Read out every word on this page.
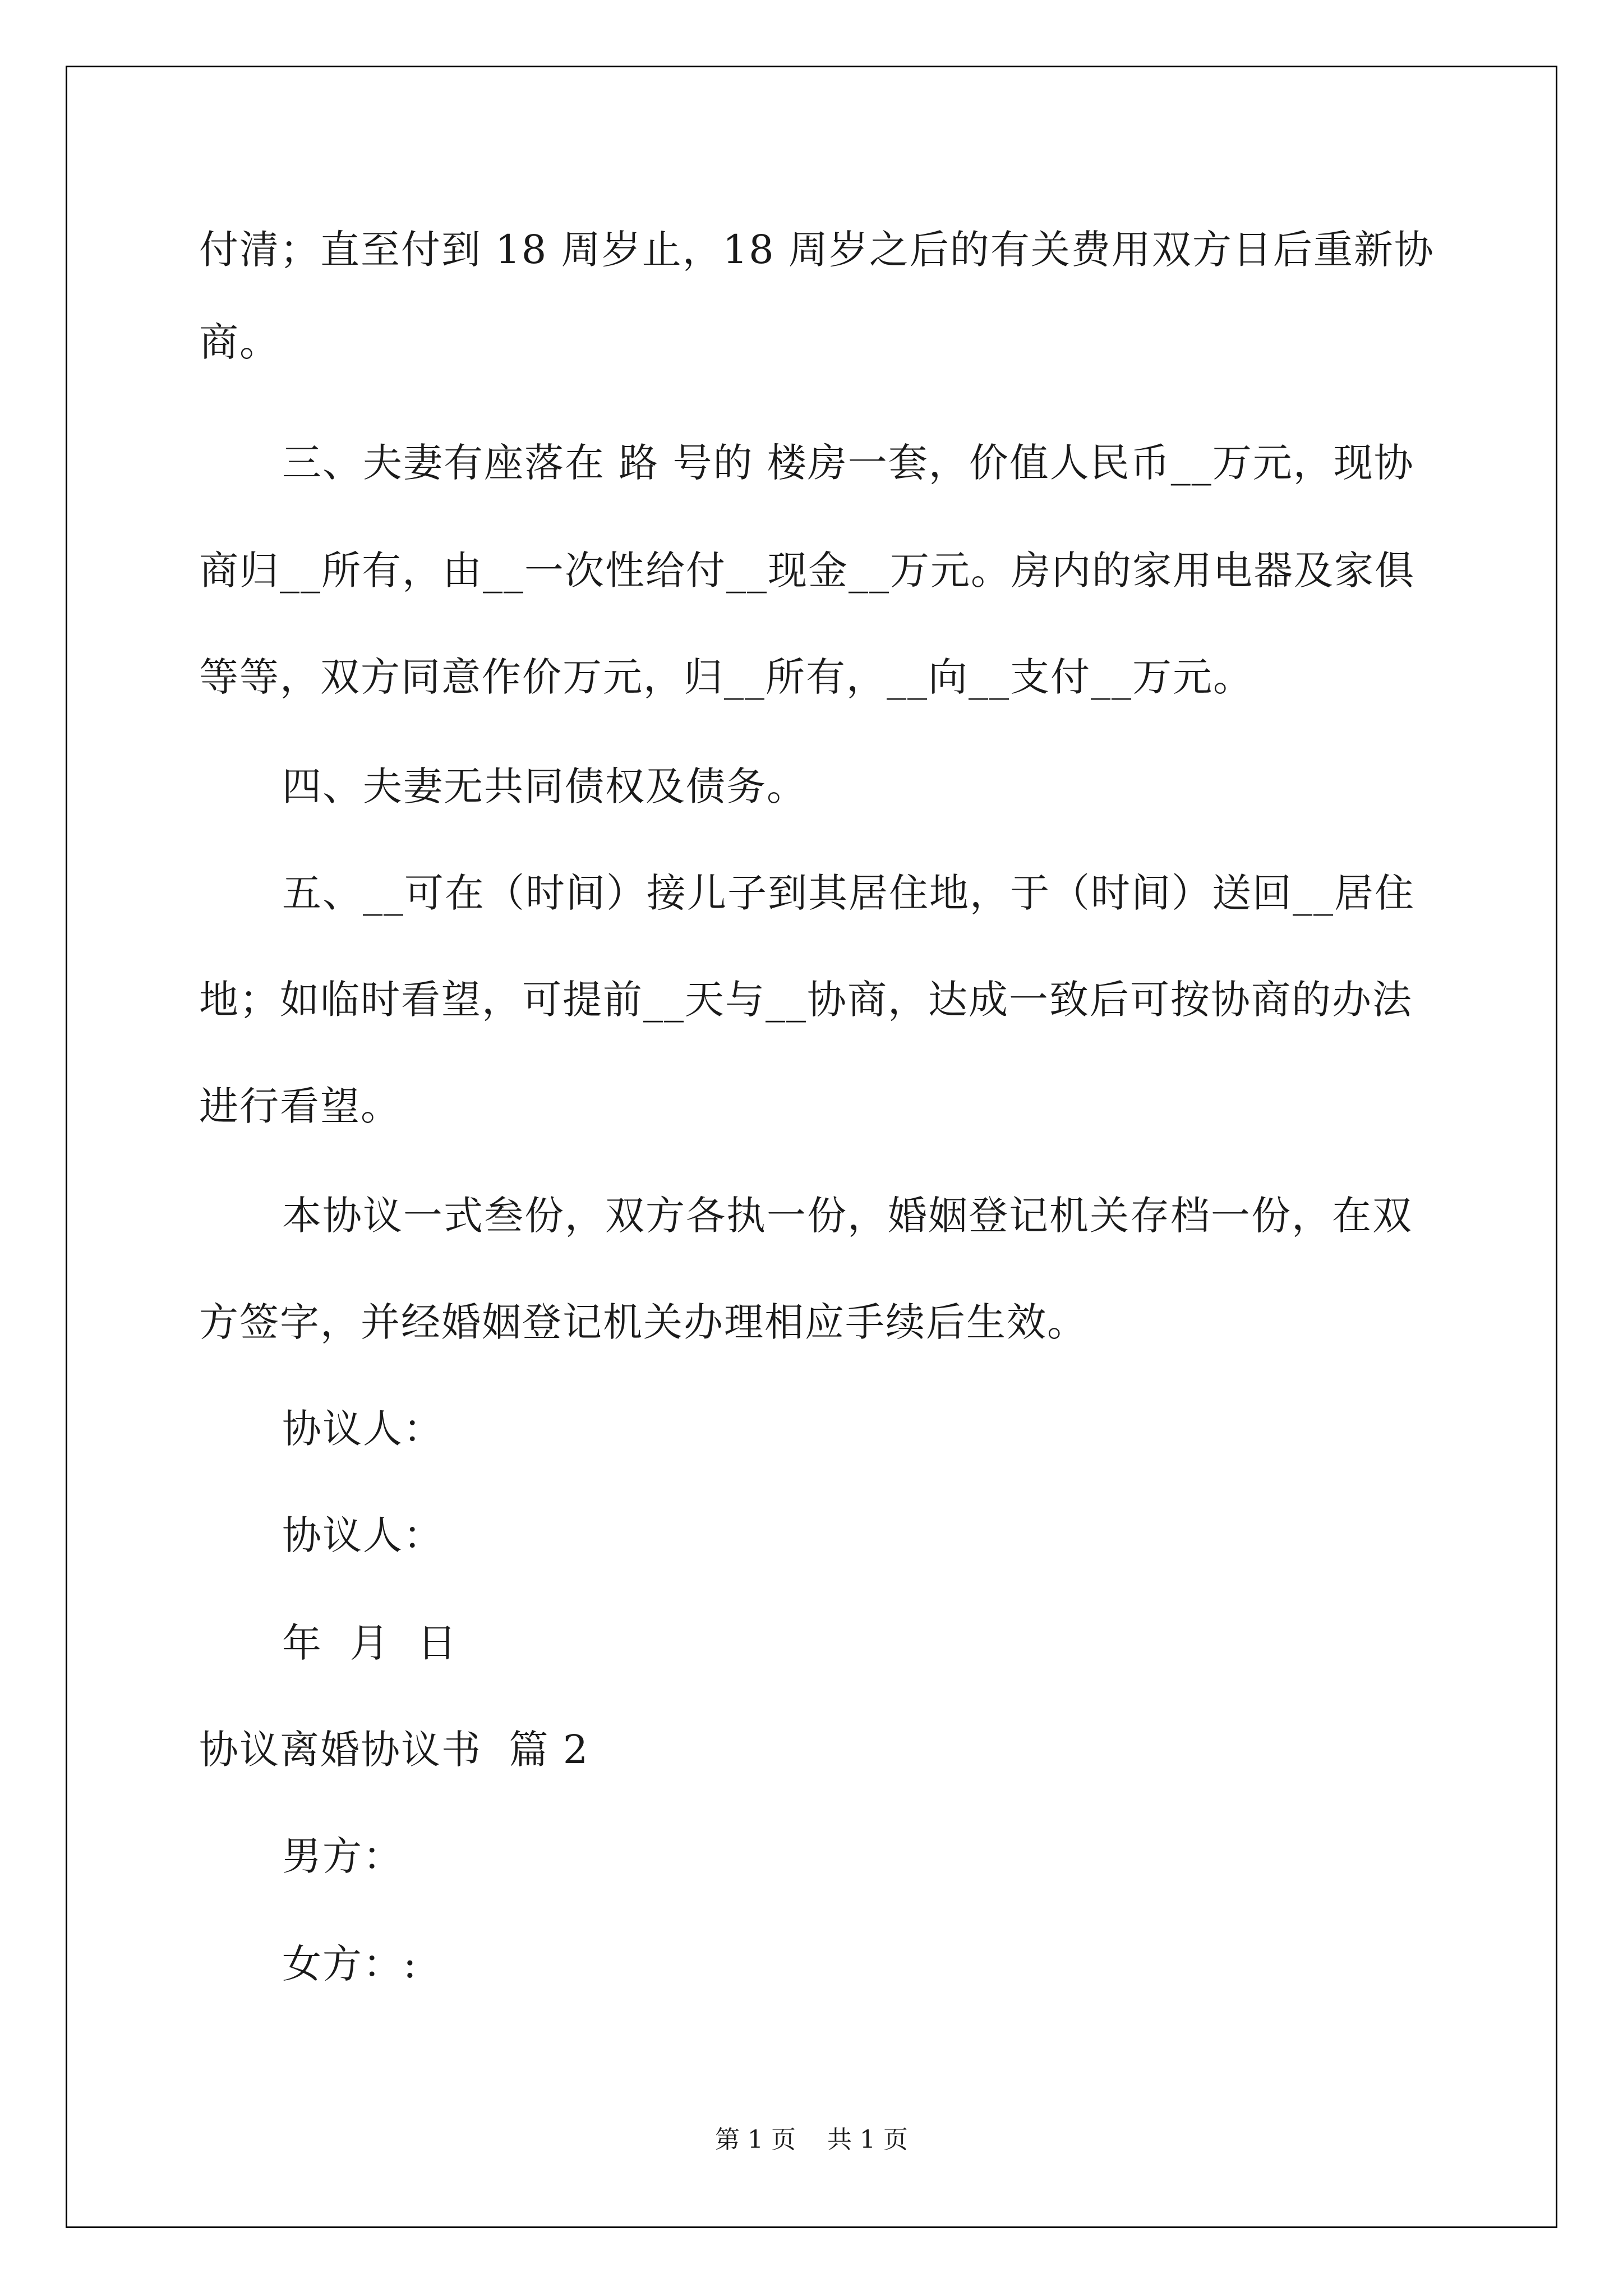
付清；直至付到 18 周岁止，18 周岁之后的有关费用双方日后重新协
商。
三、夫妻有座落在 路 号的 楼房一套，价值人民币__万元，现协
商归__所有，由__一次性给付__现金__万元。房内的家用电器及家俱
等等，双方同意作价万元，归__所有，__向__支付__万元。
四、夫妻无共同债权及债务。
五、__可在（时间）接儿子到其居住地，于（时间）送回__居住
地；如临时看望，可提前__天与__协商，达成一致后可按协商的办法
进行看望。
本协议一式叁份，双方各执一份，婚姻登记机关存档一份，在双
方签字，并经婚姻登记机关办理相应手续后生效。
协议人：
协议人：
年  月  日
协议离婚协议书  篇 2
男方：
女方：:
第 1 页    共 1 页
